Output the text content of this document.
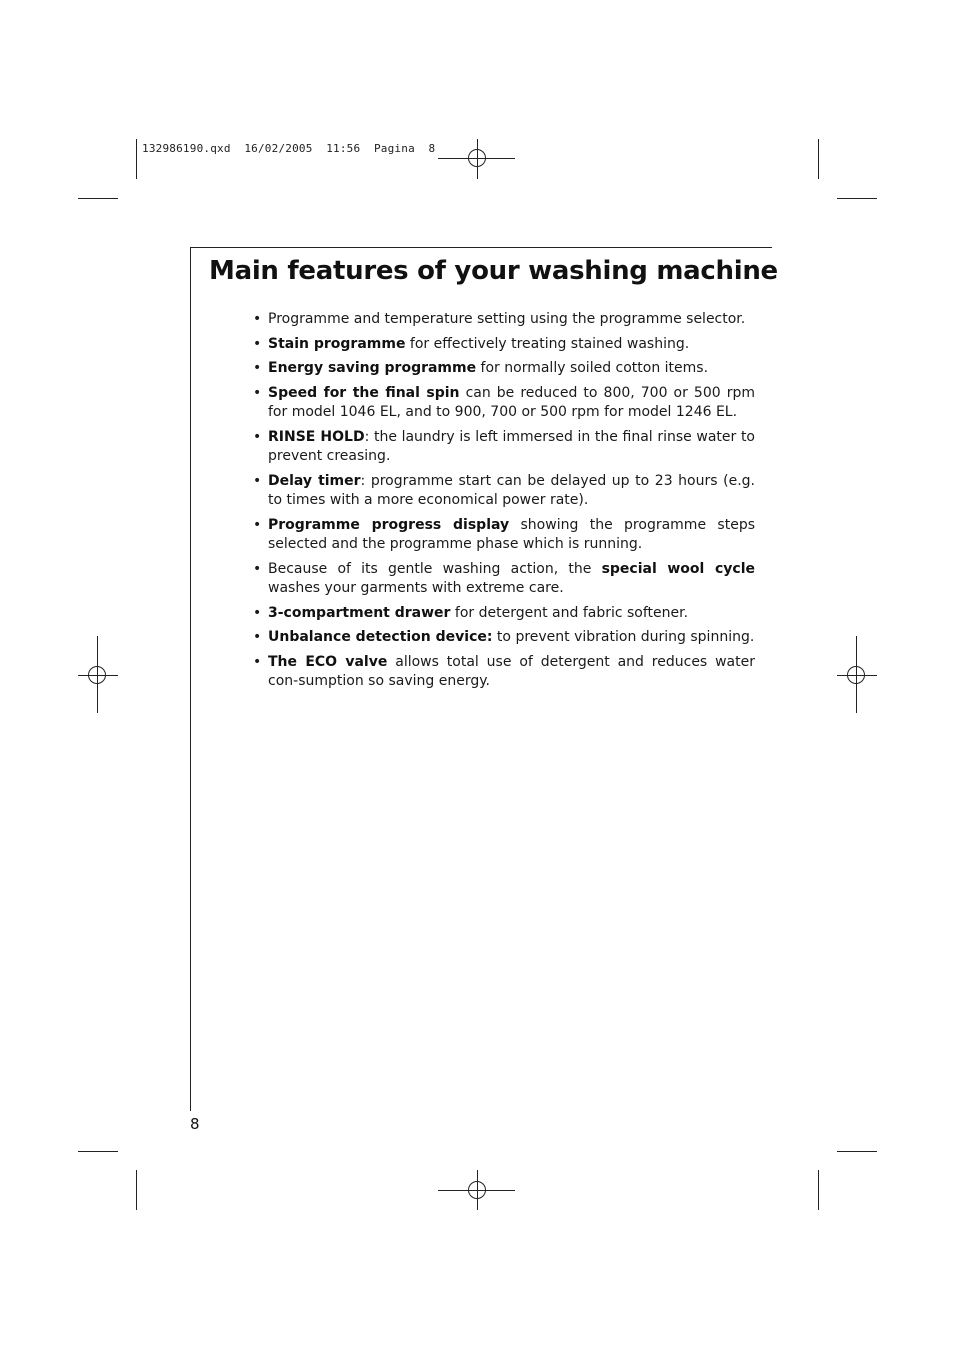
132986190.qxd  16/02/2005  11:56  Pagina  8
Main features of your washing machine
• Programme and temperature setting using the programme selector.
• Stain programme for effectively treating stained washing.
• Energy saving programme for normally soiled cotton items.
• Speed for the final spin can be reduced to 800, 700 or 500 rpm for model 1046 EL, and to 900, 700 or 500 rpm for model 1246 EL.
• RINSE HOLD: the laundry is left immersed in the final rinse water to prevent creasing.
• Delay timer: programme start can be delayed up to 23 hours (e.g. to times with a more economical power rate).
• Programme progress display showing the programme steps selected and the programme phase which is running.
• Because of its gentle washing action, the special wool cycle washes your garments with extreme care.
• 3-compartment drawer for detergent and fabric softener.
• Unbalance detection device: to prevent vibration during spinning.
• The ECO valve allows total use of detergent and reduces water con-sumption so saving energy.
8
